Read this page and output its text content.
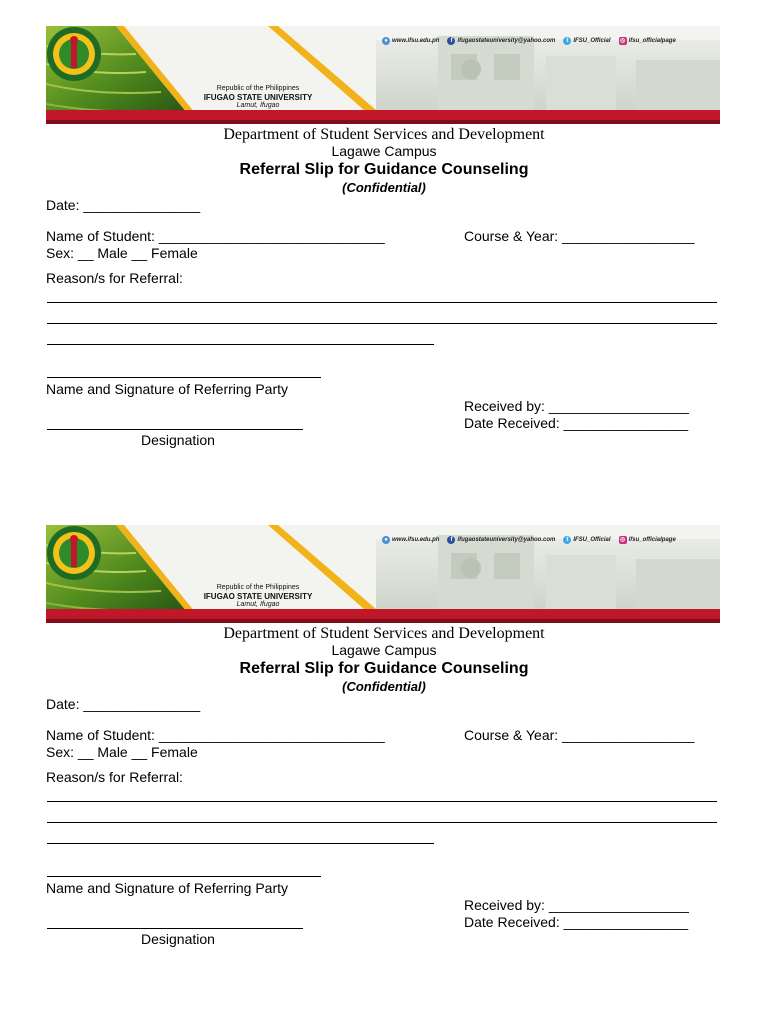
Republic of the Philippines
IFUGAO STATE UNIVERSITY
Lamut, Ifugao
● www.ifsu.edu.ph	f ifugaostateuniversity@yahoo.com	t IFSU_Official ◎ ifsu_officialpage
Department of Student Services and Development
Lagawe Campus
Referral Slip for Guidance Counseling
(Confidential)
Date: _______________
Name of Student: _____________________________	Course & Year: _________________
Sex: __ Male __ Female
Reason/s for Referral:
Name and Signature of Referring Party
Designation
Received by: __________________
Date Received: ________________
Republic of the Philippines
IFUGAO STATE UNIVERSITY
Lamut, Ifugao
● www.ifsu.edu.ph	f ifugaostateuniversity@yahoo.com	t IFSU_Official ◎ ifsu_officialpage
Department of Student Services and Development
Lagawe Campus
Referral Slip for Guidance Counseling
(Confidential)
Date: _______________
Name of Student: _____________________________	Course & Year: _________________
Sex: __ Male __ Female
Reason/s for Referral:
Name and Signature of Referring Party
Designation
Received by: __________________
Date Received: ________________
